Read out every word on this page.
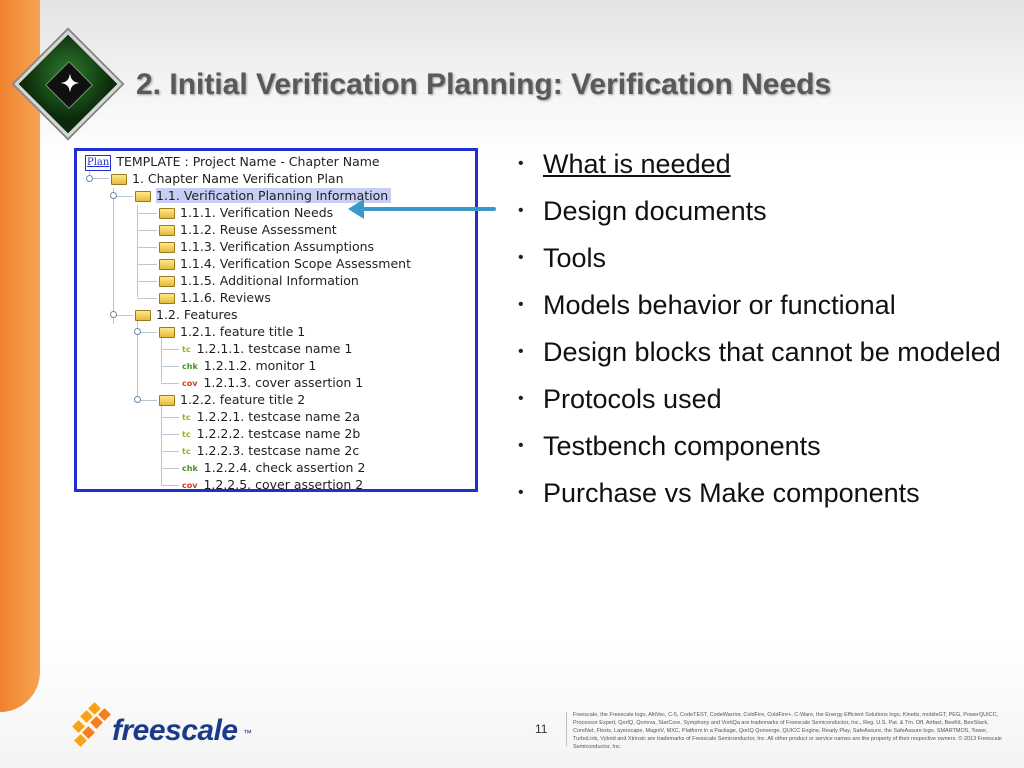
✦ 2. Initial Verification Planning: Verification Needs
Plan TEMPLATE : Project Name - Chapter Name
1. Chapter Name Verification Plan
1.1. Verification Planning Information
1.1.1. Verification Needs
1.1.2. Reuse Assessment
1.1.3. Verification Assumptions
1.1.4. Verification Scope Assessment
1.1.5. Additional Information
1.1.6. Reviews
1.2. Features
1.2.1. feature title 1
tc 1.2.1.1. testcase name 1
chk 1.2.1.2. monitor 1
cov 1.2.1.3. cover assertion 1
1.2.2. feature title 2
tc 1.2.2.1. testcase name 2a
tc 1.2.2.2. testcase name 2b
tc 1.2.2.3. testcase name 2c
chk 1.2.2.4. check assertion 2
cov 1.2.2.5. cover assertion 2
• What is needed
• Design documents
• Tools
• Models behavior or functional
• Design blocks that cannot be modeled
• Protocols used
• Testbench components
• Purchase vs Make components
freescale ™	11
Freescale, the Freescale logo, AltiVec, C-5, CodeTEST, CodeWarrior, ColdFire, ColdFire+, C-Ware, the Energy Efficient Solutions logo, Kinetis, mobileGT, PEG, PowerQUICC, Processor Expert, QorIQ, Qorivva, StarCore, Symphony and VortiQa are trademarks of Freescale Semiconductor, Inc., Reg. U.S. Pat. & Tm. Off. Airfast, BeeKit, BeeStack, CoreNet, Flexis, Layerscape, MagniV, MXC, Platform in a Package, QorIQ Qonverge, QUICC Engine, Ready Play, SafeAssure, the SafeAssure logo, SMARTMOS, Tower, TurboLink, Vybrid and Xtrinsic are trademarks of Freescale Semiconductor, Inc. All other product or service names are the property of their respective owners. © 2013 Freescale Semiconductor, Inc.
